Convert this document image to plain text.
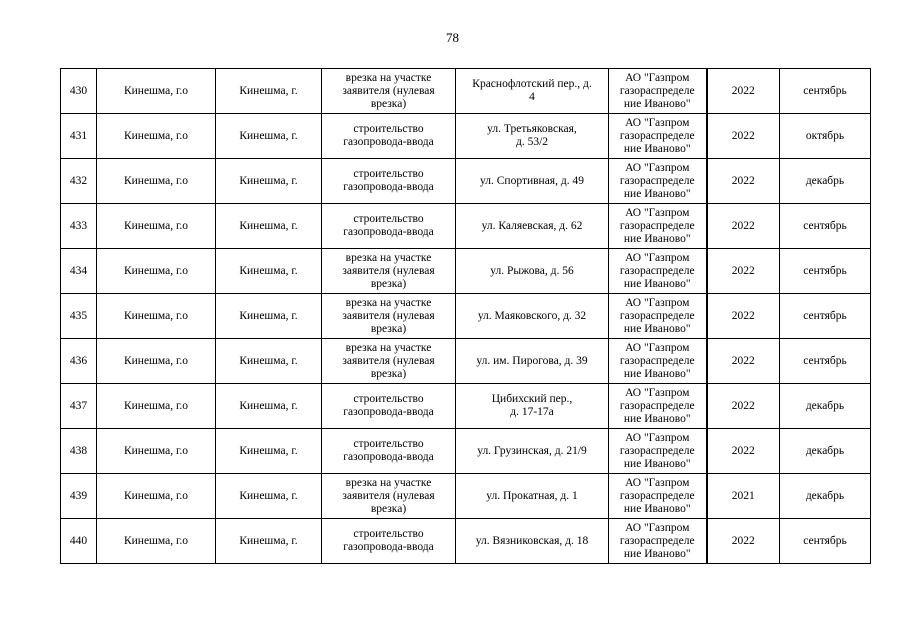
78
430	Кинешма, г.о	Кинешма, г.	врезка на участке
заявителя (нулевая
врезка)	Краснофлотский пер., д.
4	АО "Газпром
газораспределе
ние Иваново"	2022	сентябрь
431	Кинешма, г.о	Кинешма, г.	строительство
газопровода-ввода	ул. Третьяковская,
д. 53/2	АО "Газпром
газораспределе
ние Иваново"	2022	октябрь
432	Кинешма, г.о	Кинешма, г.	строительство
газопровода-ввода	ул. Спортивная, д. 49	АО "Газпром
газораспределе
ние Иваново"	2022	декабрь
433	Кинешма, г.о	Кинешма, г.	строительство
газопровода-ввода	ул. Каляевская, д. 62	АО "Газпром
газораспределе
ние Иваново"	2022	сентябрь
434	Кинешма, г.о	Кинешма, г.	врезка на участке
заявителя (нулевая
врезка)	ул. Рыжова, д. 56	АО "Газпром
газораспределе
ние Иваново"	2022	сентябрь
435	Кинешма, г.о	Кинешма, г.	врезка на участке
заявителя (нулевая
врезка)	ул. Маяковского, д. 32	АО "Газпром
газораспределе
ние Иваново"	2022	сентябрь
436	Кинешма, г.о	Кинешма, г.	врезка на участке
заявителя (нулевая
врезка)	ул. им. Пирогова, д. 39	АО "Газпром
газораспределе
ние Иваново"	2022	сентябрь
437	Кинешма, г.о	Кинешма, г.	строительство
газопровода-ввода	Цибихский пер.,
д. 17-17а	АО "Газпром
газораспределе
ние Иваново"	2022	декабрь
438	Кинешма, г.о	Кинешма, г.	строительство
газопровода-ввода	ул. Грузинская, д. 21/9	АО "Газпром
газораспределе
ние Иваново"	2022	декабрь
439	Кинешма, г.о	Кинешма, г.	врезка на участке
заявителя (нулевая
врезка)	ул. Прокатная, д. 1	АО "Газпром
газораспределе
ние Иваново"	2021	декабрь
440	Кинешма, г.о	Кинешма, г.	строительство
газопровода-ввода	ул. Вязниковская, д. 18	АО "Газпром
газораспределе
ние Иваново"	2022	сентябрь
